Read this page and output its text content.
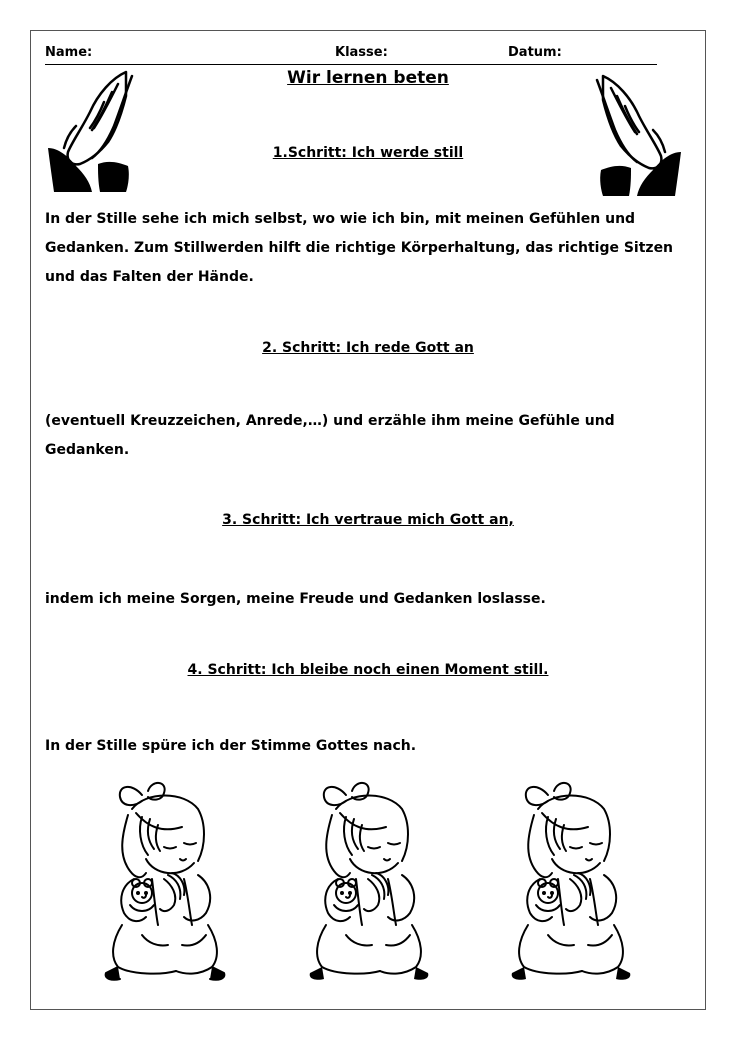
Name:	Klasse:	Datum:
Wir lernen beten
1.Schritt: Ich werde still
In der Stille sehe ich mich selbst, wo wie ich bin, mit meinen Gefühlen und Gedanken. Zum Stillwerden hilft die richtige Körperhaltung, das richtige Sitzen und das Falten der Hände.
2. Schritt: Ich rede Gott an
(eventuell Kreuzzeichen, Anrede,…) und erzähle ihm meine Gefühle und Gedanken.
3. Schritt: Ich vertraue mich Gott an,
indem ich meine Sorgen, meine Freude und Gedanken loslasse.
4. Schritt: Ich bleibe noch einen Moment still.
In der Stille spüre ich der Stimme Gottes nach.
